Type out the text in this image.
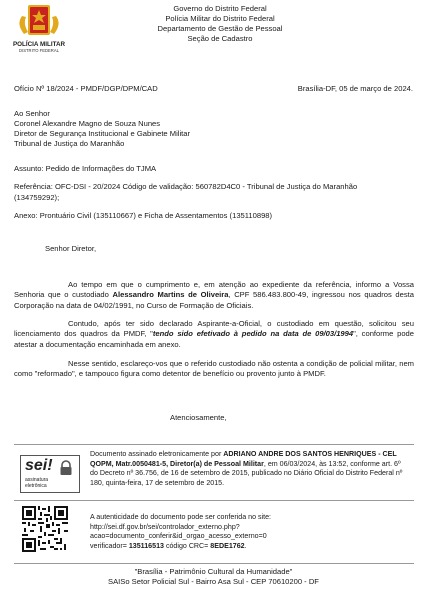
POLÍCIA MILITAR
DISTRITO FEDERAL
Governo do Distrito Federal
Polícia Militar do Distrito Federal
Departamento de Gestão de Pessoal
Seção de Cadastro
Ofício Nº 18/2024 - PMDF/DGP/DPM/CAD	Brasília-DF, 05 de março de 2024.
Ao Senhor
Coronel Alexandre Magno de Souza Nunes
Diretor de Segurança Institucional e Gabinete Militar
Tribunal de Justiça do Maranhão
Assunto: Pedido de Informações do TJMA
Referência: OFC-DSI - 20/2024 Código de validação: 560782D4C0 - Tribunal de Justiça do Maranhão
(134759292);
Anexo: Prontuário Civil (135110667) e Ficha de Assentamentos (135110898)
Senhor Diretor,
Ao tempo em que o cumprimento e, em atenção ao expediente da referência, informo a Vossa Senhoria que o custodiado Alessandro Martins de Oliveira, CPF 586.483.800-49, ingressou nos quadros desta Corporação na data de 04/02/1991, no Curso de Formação de Oficiais.
Contudo, após ter sido declarado Aspirante-a-Oficial, o custodiado em questão, solicitou seu licenciamento dos quadros da PMDF, "tendo sido efetivado à pedido na data de 09/03/1994", conforme pode atestar a documentação encaminhada em anexo.
Nesse sentido, esclareço-vos que o referido custodiado não ostenta a condição de policial militar, nem como "reformado", e tampouco figura como detentor de benefício ou provento junto à PMDF.
Atenciosamente,
sei!
assinatura
eletrônica
Documento assinado eletronicamente por ADRIANO ANDRE DOS SANTOS HENRIQUES - CEL QOPM, Matr.0050481-5, Diretor(a) de Pessoal Militar, em 06/03/2024, às 13:52, conforme art. 6º do Decreto nº 36.756, de 16 de setembro de 2015, publicado no Diário Oficial do Distrito Federal nº 180, quinta-feira, 17 de setembro de 2015.
A autenticidade do documento pode ser conferida no site:
http://sei.df.gov.br/sei/controlador_externo.php?
acao=documento_conferir&id_orgao_acesso_externo=0
verificador= 135116513 código CRC= 8EDE1762.
"Brasília - Patrimônio Cultural da Humanidade"
SAISo Setor Policial Sul - Bairro Asa Sul - CEP 70610200 - DF
